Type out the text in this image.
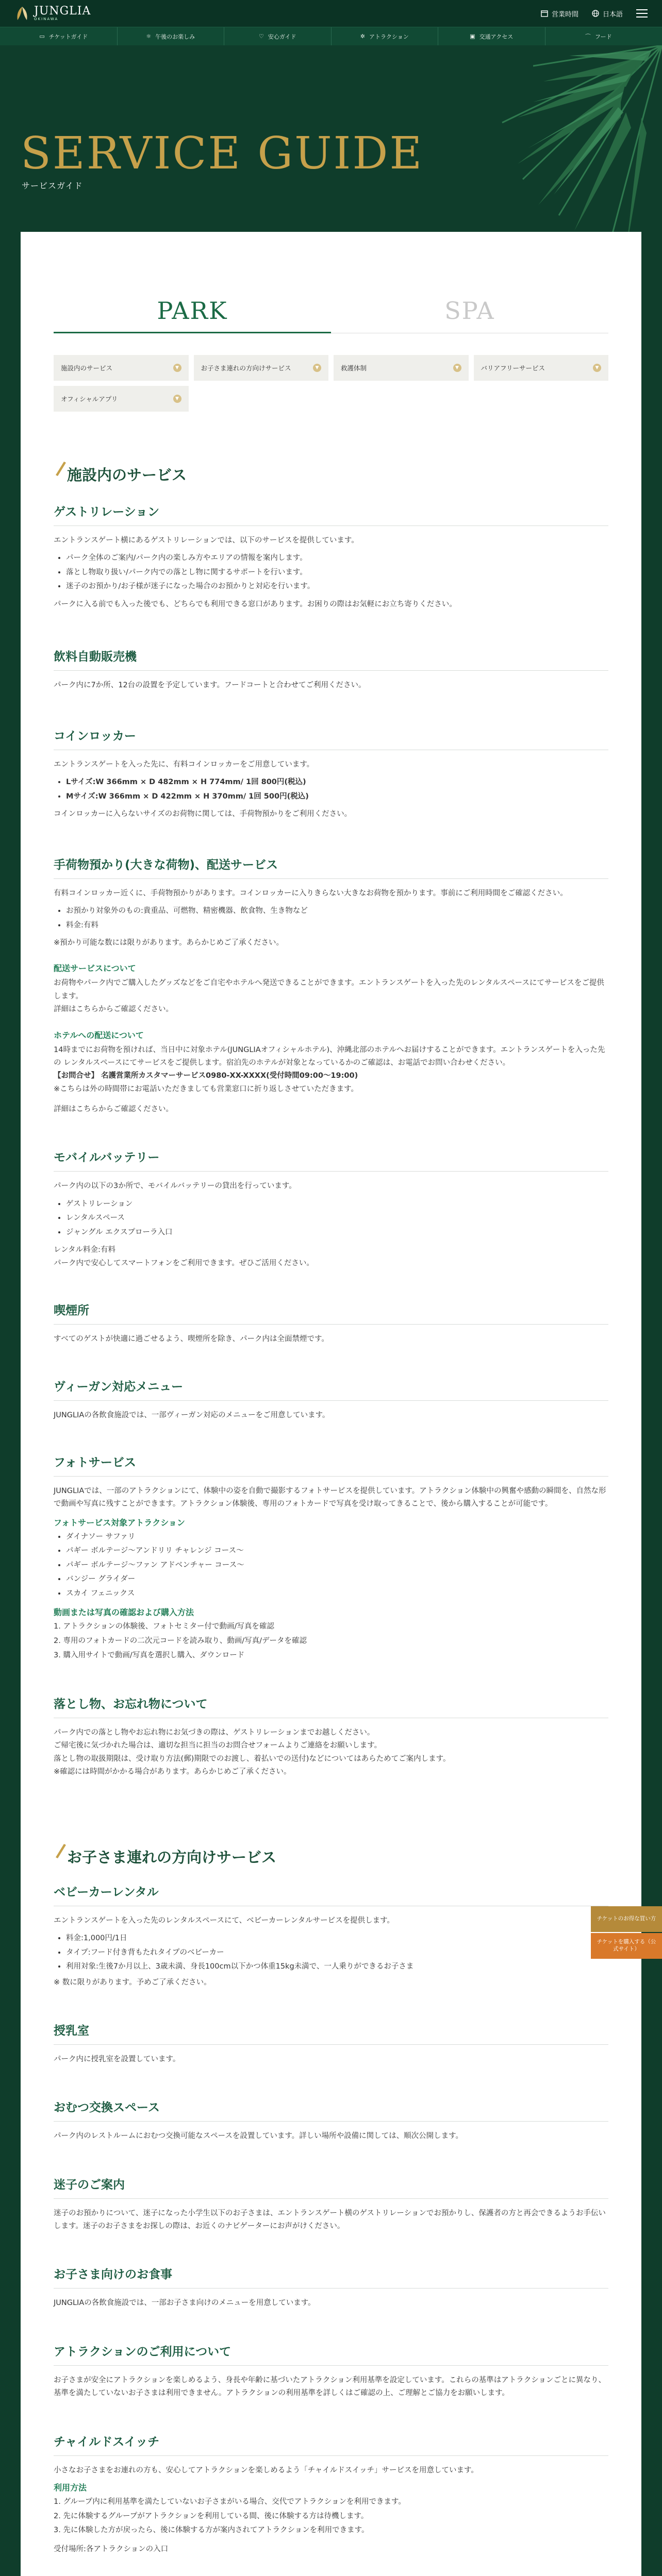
JUNGLIA
OKINAWA
営業時間	日本語
▭ チケットガイド	☼ 午後のお楽しみ	♡ 安心ガイド	✲ アトラクション	▣ 交通アクセス	⌒ フード
SERVICE GUIDE
サービスガイド
PARK	SPA
施設内のサービス	▼	お子さま連れの方向けサービス	▼	救護体制	▼	バリアフリーサービス	▼
オフィシャルアプリ	▼
施設内のサービス
ゲストリレーション

エントランスゲート横にあるゲストリレーションでは、以下のサービスを提供しています。

• パーク全体のご案内/パーク内の楽しみ方やエリアの情報を案内します。
• 落とし物取り扱い/パーク内での落とし物に関するサポートを行います。
• 迷子のお預かり/お子様が迷子になった場合のお預かりと対応を行います。

パークに入る前でも入った後でも、どちらでも利用できる窓口があります。お困りの際はお気軽にお立ち寄りください。

飲料自動販売機

パーク内に7か所、12台の設置を予定しています。フードコートと合わせてご利用ください。

コインロッカー

エントランスゲートを入った先に、有料コインロッカーをご用意しています。

• Lサイズ:W 366mm × D 482mm × H 774mm/ 1回 800円(税込)
• Mサイズ:W 366mm × D 422mm × H 370mm/ 1回 500円(税込)

コインロッカーに入らないサイズのお荷物に関しては、手荷物預かりをご利用ください。

手荷物預かり(大きな荷物)、配送サービス

有料コインロッカー近くに、手荷物預かりがあります。コインロッカーに入りきらない大きなお荷物を預かります。事前にご利用時間をご確認ください。

• お預かり対象外のもの:貴重品、可燃物、精密機器、飲食物、生き物など
• 料金:有料

※預かり可能な数には限りがあります。あらかじめご了承ください。

配送サービスについて

お荷物やパーク内でご購入したグッズなどをご自宅やホテルへ発送できることができます。エントランスゲートを入った先のレンタルスペースにてサービスをご提供します。

詳細はこちらからご確認ください。

ホテルへの配送について

14時までにお荷物を預ければ、当日中に対象ホテル(JUNGLIAオフィシャルホテル)、沖縄北部のホテルへお届けすることができます。エントランスゲートを入った先の レンタルスペースにてサービスをご提供します。宿泊先のホテルが対象となっているかのご確認は、お電話でお問い合わせください。

【お問合せ】 名護営業所カスタマーサービス0980-XX-XXXX(受付時間09:00〜19:00)

※こちらは外の時間帯にお電話いただきましても営業窓口に折り返しさせていただきます。

詳細はこちらからご確認ください。

モバイルバッテリー

パーク内の以下の3か所で、モバイルバッテリーの貸出を行っています。

• ゲストリレーション
• レンタルスペース
• ジャングル エクスプローラ入口

レンタル料金:有料

パーク内で安心してスマートフォンをご利用できます。ぜひご活用ください。

喫煙所

すべてのゲストが快適に過ごせるよう、喫煙所を除き、パーク内は全面禁煙です。

ヴィーガン対応メニュー

JUNGLIAの各飲食施設では、一部ヴィーガン対応のメニューをご用意しています。

フォトサービス

JUNGLIAでは、一部のアトラクションにて、体験中の姿を自動で撮影するフォトサービスを提供しています。アトラクション体験中の興奮や感動の瞬間を、自然な形で動画や写真に残すことができます。アトラクション体験後、専用のフォトカードで写真を受け取ってきることで、後から購入することが可能です。

フォトサービス対象アトラクション

• ダイナソー サファリ
• パギー ボルテージ〜アンドリリ チャレンジ コース〜
• パギー ボルテージ〜ファン アドベンチャー コース〜
• バンジー グライダー
• スカイ フェニックス

動画または写真の確認および購入方法

1. アトラクションの体験後、フォトセミター付で動画/写真を確認
2. 専用のフォトカードの二次元コードを読み取り、動画/写真/データを確認
3. 購入用サイトで動画/写真を選択し購入、ダウンロード
落とし物、お忘れ物について

パーク内での落とし物やお忘れ物にお気づきの際は、ゲストリレーションまでお越しください。

ご帰宅後に気づかれた場合は、適切な担当に担当のお問合せフォームよりご連絡をお願いします。

落とし物の取扱期限は、受け取り方法(郵)期限でのお渡し、着払いでの送付)などについてはあらためてご案内します。

※確認には時間がかかる場合があります。あらかじめご了承ください。

お子さま連れの方向けサービス
ベビーカーレンタル

エントランスゲートを入った先のレンタルスペースにて、ベビーカーレンタルサービスを提供します。

• 料金:1,000円/1日
• タイプ:フード付き背もたれタイプのベビーカー
• 利用対象:生後7か月以上、3歳未満、身長100cm以下かつ体重15kg未満で、一人乗りができるお子さま

※ 数に限りがあります。予めご了承ください。

授乳室

パーク内に授乳室を設置しています。

おむつ交換スペース

パーク内のレストルームにおむつ交換可能なスペースを設置しています。詳しい場所や設備に関しては、順次公開します。

迷子のご案内

迷子のお預かりについて、迷子になった小学生以下のお子さまは、エントランスゲート横のゲストリレーションでお預かりし、保護者の方と再会できるようお手伝いします。迷子のお子さまをお探しの際は、お近くのナビゲーターにお声がけください。

お子さま向けのお食事

JUNGLIAの各飲食施設では、一部お子さま向けのメニューを用意しています。

アトラクションのご利用について

お子さまが安全にアトラクションを楽しめるよう、身長や年齢に基づいたアトラクション利用基準を設定しています。これらの基準はアトラクションごとに異なり、基準を満たしていないお子さまは利用できません。アトラクションの利用基準を詳しくはご確認の上、ご理解とご協力をお願いします。

チャイルドスイッチ

小さなお子さまをお連れの方も、安心してアトラクションを楽しめるよう「チャイルドスイッチ」サービスを用意しています。

利用方法

1. グループ内に利用基準を満たしていないお子さまがいる場合、交代でアトラクションを利用できます。
2. 先に体験するグループがアトラクションを利用している間、後に体験する方は待機します。
3. 先に体験した方が戻ったら、後に体験する方が案内されてアトラクションを利用できます。

受付場所:各アトラクションの入口

チケットのお得な買い方
チケットを購入する（公式サイト）
